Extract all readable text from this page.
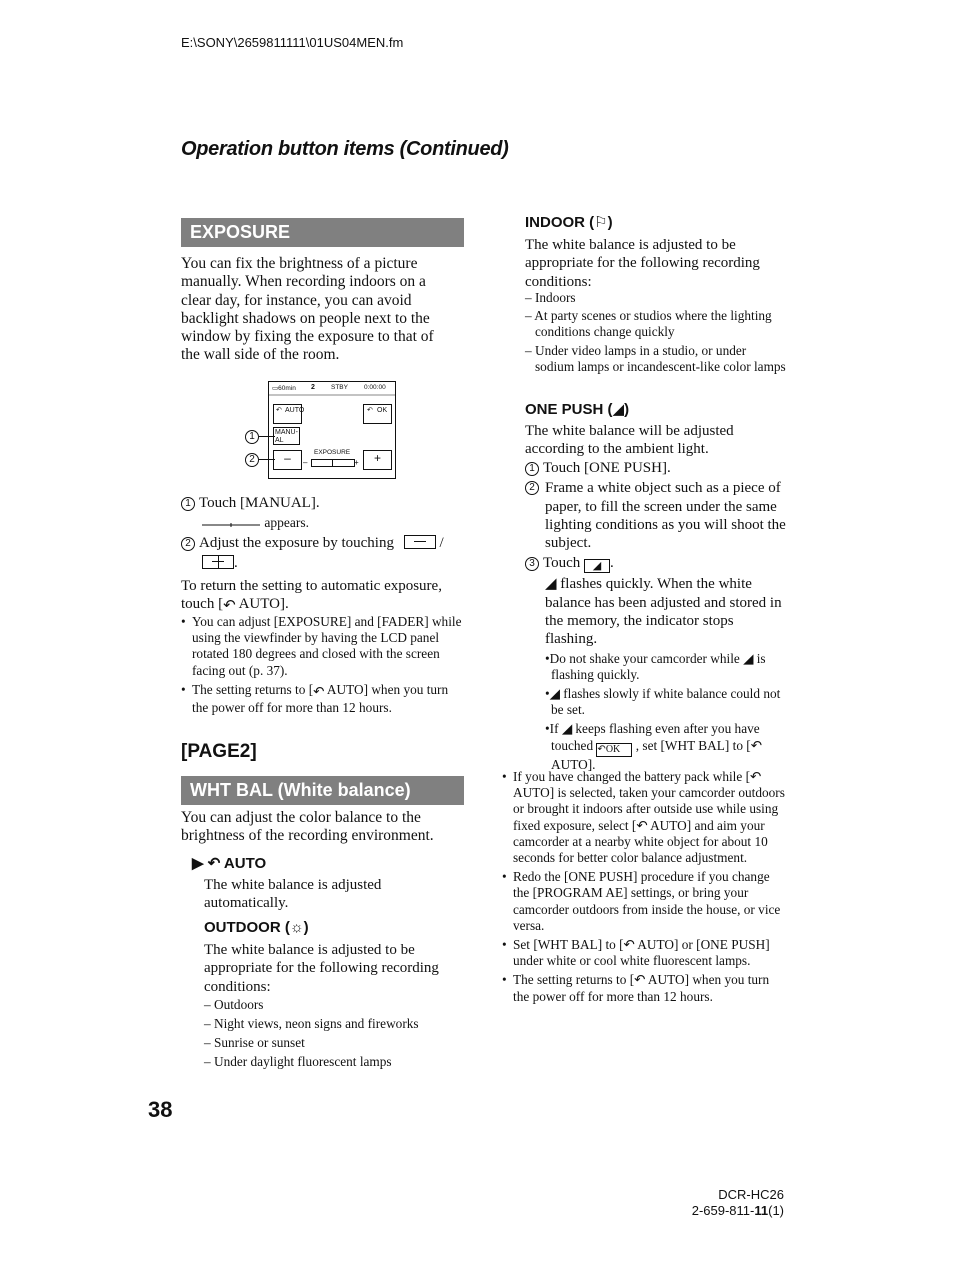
E:\SONY\2659811111\01US04MEN.fm
Operation button items (Continued)
EXPOSURE
You can fix the brightness of a picture manually. When recording indoors on a clear day, for instance, you can avoid backlight shadows on people next to the window by fixing the exposure to that of the wall side of the room.
▭60min 2 STBY 0:00:00
↶ AUTO	↶ OK
MANU-AL
–	+
EXPOSURE
–	+
1
2
1 Touch [MANUAL].
appears.
2 Adjust the exposure by touching	/
.
To return the setting to automatic exposure, touch [↶ AUTO].
• You can adjust [EXPOSURE] and [FADER] while using the viewfinder by having the LCD panel rotated 180 degrees and closed with the screen facing out (p. 37).
• The setting returns to [↶ AUTO] when you turn the power off for more than 12 hours.
[PAGE2]
WHT BAL (White balance)
You can adjust the color balance to the brightness of the recording environment.
▶ ↶ AUTO
The white balance is adjusted automatically.
OUTDOOR (☼)
The white balance is adjusted to be appropriate for the following recording conditions:
– Outdoors
– Night views, neon signs and fireworks
– Sunrise or sunset
– Under daylight fluorescent lamps
INDOOR (⚐)
The white balance is adjusted to be appropriate for the following recording conditions:
– Indoors
– At party scenes or studios where the lighting conditions change quickly
– Under video lamps in a studio, or under sodium lamps or incandescent-like color lamps
ONE PUSH (◢)
The white balance will be adjusted according to the ambient light.
1 Touch [ONE PUSH].
2 Frame a white object such as a piece of paper, to fill the screen under the same lighting conditions as you will shoot the subject.
3 Touch ◢ .
◢ flashes quickly. When the white balance has been adjusted and stored in the memory, the indicator stops flashing.
•Do not shake your camcorder while ◢ is flashing quickly.
•◢ flashes slowly if white balance could not be set.
•If ◢ keeps flashing even after you have touched ↶OK , set [WHT BAL] to [↶ AUTO].
• If you have changed the battery pack while [↶ AUTO] is selected, taken your camcorder outdoors or brought it indoors after outside use while using fixed exposure, select [↶ AUTO] and aim your camcorder at a nearby white object for about 10 seconds for better color balance adjustment.
• Redo the [ONE PUSH] procedure if you change the [PROGRAM AE] settings, or bring your camcorder outdoors from inside the house, or vice versa.
• Set [WHT BAL] to [↶ AUTO] or [ONE PUSH] under white or cool white fluorescent lamps.
• The setting returns to [↶ AUTO] when you turn the power off for more than 12 hours.
38
DCR-HC26
2-659-811-11(1)
